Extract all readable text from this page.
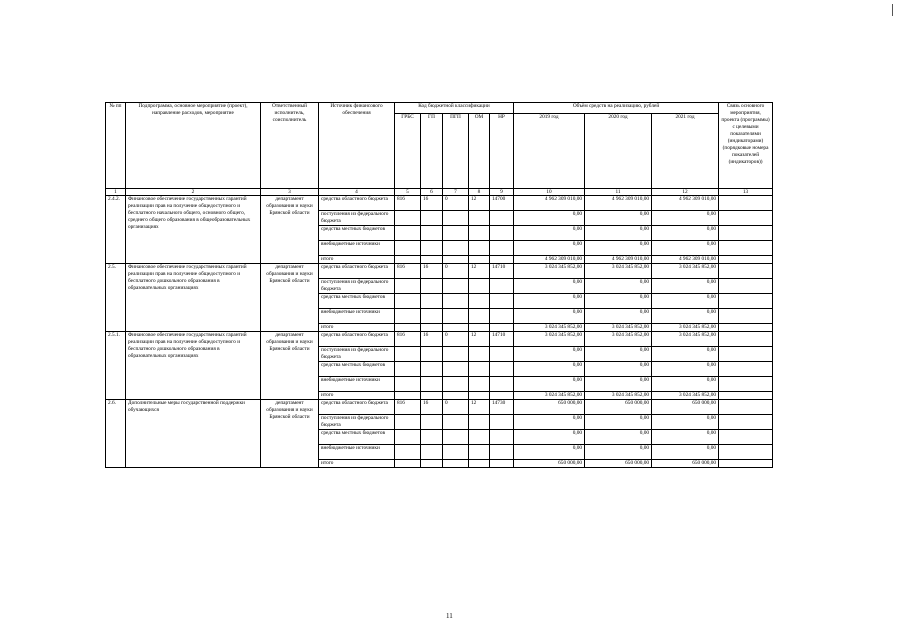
№ пп	Подпрограмма, основное мероприятие (проект), направление расходов, мероприятие	Ответственный исполнитель, соисполнитель	Источник финансового обеспечения	Код бюджетной классификации					Объём средств на реализацию, рублей			Связь основного мероприятия, проекта (программы) с целевыми показателями (индикаторами) (порядковые номера показателей (индикаторов))
				ГРБС	ГП	ПГП	ОМ	НР	2019 год	2020 год	2021 год	
1	2	3	4	5	6	7	8	9	10	11	12	13
2.4.2.	Финансовое обеспечение государственных гарантий реализации прав на получение общедоступного и бесплатного начального общего, основного общего, среднего общего образования в общеобразовательных организациях	департамент образования и науки Брянской области	средства областного бюджета	816	16	0	12	14700	4 962 309 010,00	4 962 309 010,00	4 962 309 010,00	
			поступления из федерального бюджета						0,00	0,00	0,00	
			средства местных бюджетов						0,00	0,00	0,00	
			внебюджетные источники						0,00	0,00	0,00	
			итого						4 962 309 010,00	4 962 309 010,00	4 962 309 010,00	
2.5.	Финансовое обеспечение государственных гарантий реализации прав на получение общедоступного и бесплатного дошкольного образования в образовательных организациях	департамент образования и науки Брянской области	средства областного бюджета	816	16	0	12	14710	3 024 345 852,00	3 024 345 852,00	3 024 345 852,00	
			поступления из федерального бюджета						0,00	0,00	0,00	
			средства местных бюджетов						0,00	0,00	0,00	
			внебюджетные источники						0,00	0,00	0,00	
			итого						3 024 345 852,00	3 024 345 852,00	3 024 345 852,00	
2.5.1.	Финансовое обеспечение государственных гарантий реализации прав на получение общедоступного и бесплатного дошкольного образования в образовательных организациях	департамент образования и науки Брянской области	средства областного бюджета	816	16	0	12	14710	3 024 345 852,00	3 024 345 852,00	3 024 345 852,00	
			поступления из федерального бюджета						0,00	0,00	0,00	
			средства местных бюджетов						0,00	0,00	0,00	
			внебюджетные источники						0,00	0,00	0,00	
			итого						3 024 345 852,00	3 024 345 852,00	3 024 345 852,00	
2.6.	Дополнительные меры государственной поддержки обучающихся	департамент образования и науки Брянской области	средства областного бюджета	816	16	0	12	14730	650 000,00	650 000,00	650 000,00	
			поступления из федерального бюджета						0,00	0,00	0,00	
			средства местных бюджетов						0,00	0,00	0,00	
			внебюджетные источники						0,00	0,00	0,00	
			итого						650 000,00	650 000,00	650 000,00	
11
